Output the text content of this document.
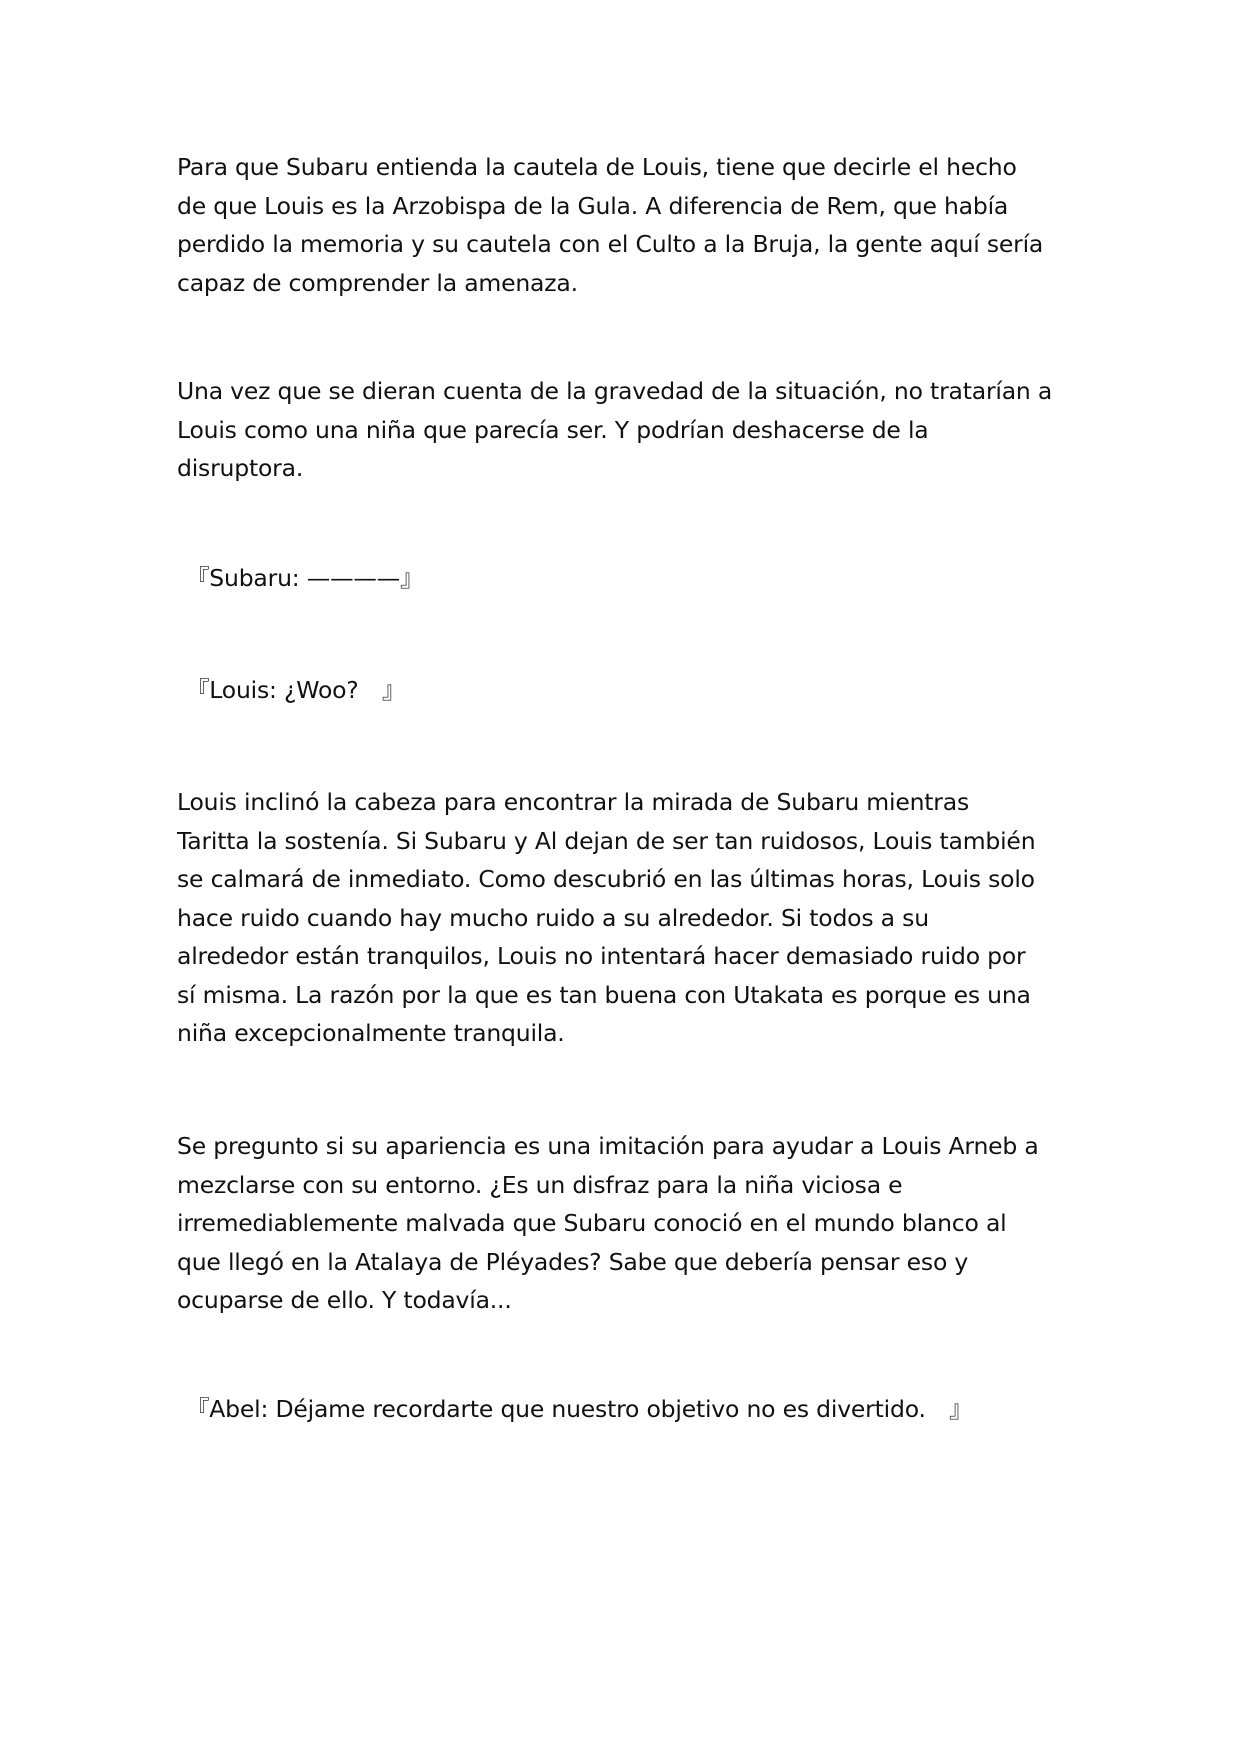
Para que Subaru entienda la cautela de Louis, tiene que decirle el hecho
de que Louis es la Arzobispa de la Gula. A diferencia de Rem, que había
perdido la memoria y su cautela con el Culto a la Bruja, la gente aquí sería
capaz de comprender la amenaza.

Una vez que se dieran cuenta de la gravedad de la situación, no tratarían a
Louis como una niña que parecía ser. Y podrían deshacerse de la
disruptora.

『Subaru: ————』

『Louis: ¿Woo?　』

Louis inclinó la cabeza para encontrar la mirada de Subaru mientras
Taritta la sostenía. Si Subaru y Al dejan de ser tan ruidosos, Louis también
se calmará de inmediato. Como descubrió en las últimas horas, Louis solo
hace ruido cuando hay mucho ruido a su alrededor. Si todos a su
alrededor están tranquilos, Louis no intentará hacer demasiado ruido por
sí misma. La razón por la que es tan buena con Utakata es porque es una
niña excepcionalmente tranquila.

Se pregunto si su apariencia es una imitación para ayudar a Louis Arneb a
mezclarse con su entorno. ¿Es un disfraz para la niña viciosa e
irremediablemente malvada que Subaru conoció en el mundo blanco al
que llegó en la Atalaya de Pléyades? Sabe que debería pensar eso y
ocuparse de ello. Y todavía...

『Abel: Déjame recordarte que nuestro objetivo no es divertido.　』
